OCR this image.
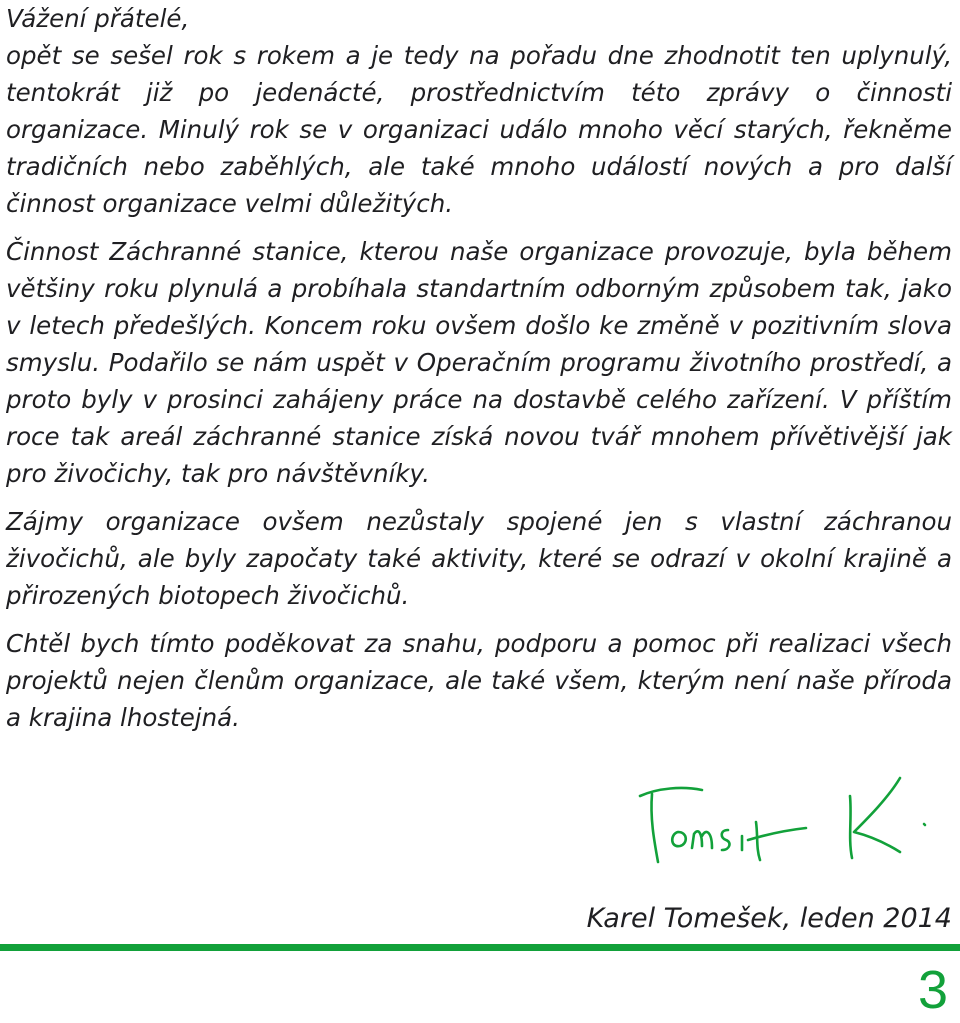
Vážení přátelé,

opět se sešel rok s rokem a je tedy na pořadu dne zhodnotit ten uplynulý, tentokrát již po jedenácté, prostřednictvím této zprávy o činnosti organizace. Minulý rok se v organizaci událo mnoho věcí starých, řekněme tradičních nebo zaběhlých, ale také mnoho událostí nových a pro další činnost organizace velmi důležitých.

Činnost Záchranné stanice, kterou naše organizace provozuje, byla během většiny roku plynulá a probíhala standartním odborným způsobem tak, jako v letech předešlých. Koncem roku ovšem došlo ke změně v pozitivním slova smyslu. Podařilo se nám uspět v Operačním programu životního prostředí, a proto byly v prosinci zahájeny práce na dostavbě celého zařízení. V příštím roce tak areál záchranné stanice získá novou tvář mnohem přívětivější jak pro živočichy, tak pro návštěvníky.

Zájmy organizace ovšem nezůstaly spojené jen s vlastní záchranou živočichů, ale byly započaty také aktivity, které se odrazí v okolní krajině a přirozených biotopech živočichů.

Chtěl bych tímto poděkovat za snahu, podporu a pomoc při realizaci všech projektů nejen členům organizace, ale také všem, kterým není naše příroda a krajina lhostejná.

Karel Tomešek, leden 2014
3
